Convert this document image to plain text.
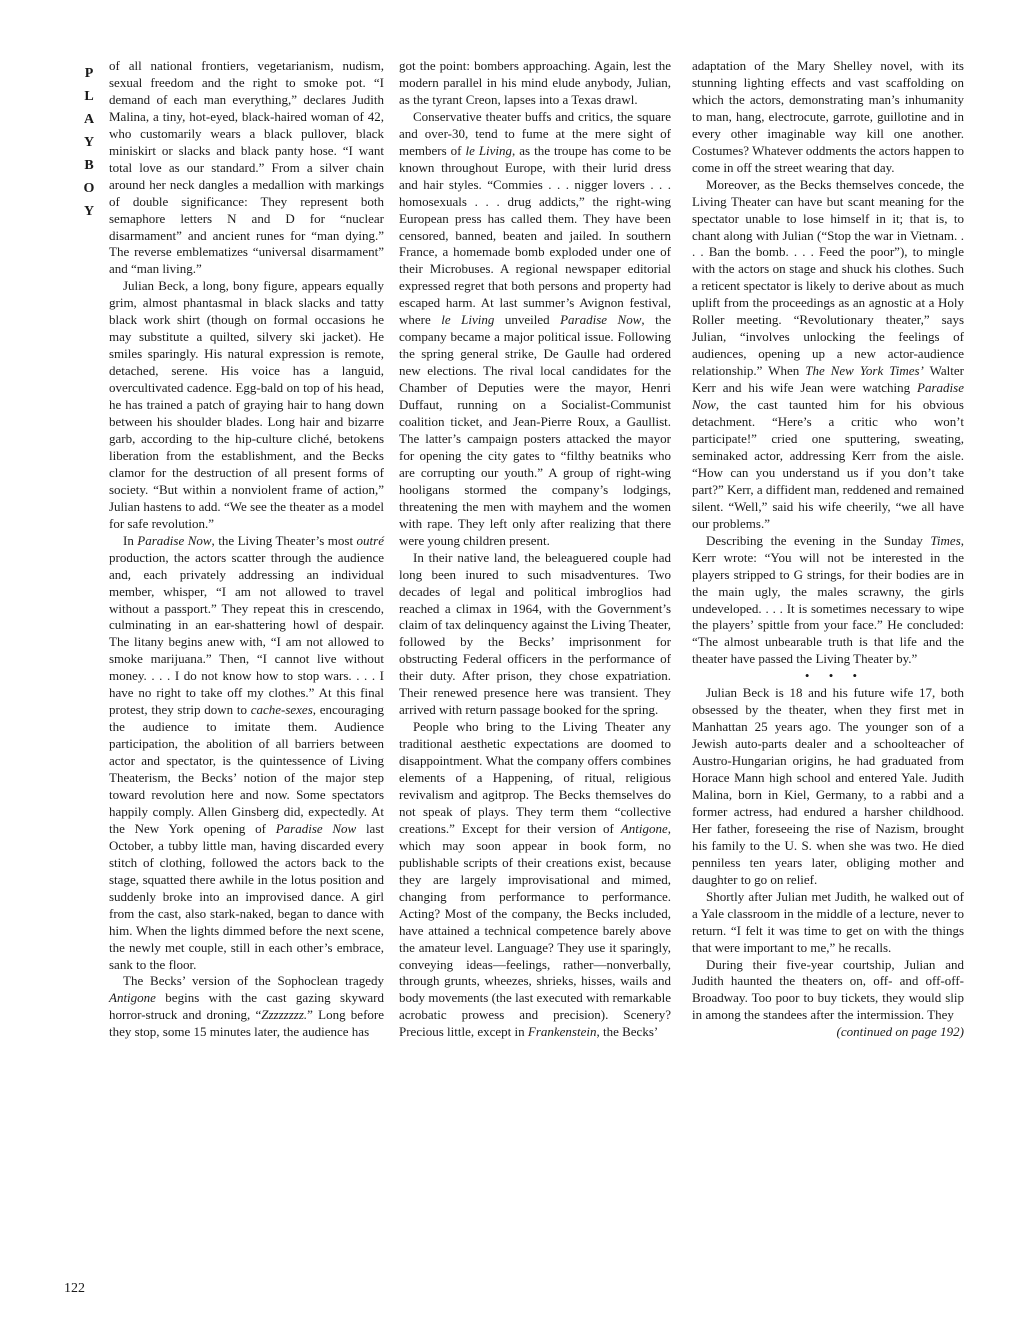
P
L
A
Y
B
O
Y

of all national frontiers, vegetarianism, nudism, sexual freedom and the right to smoke pot. “I demand of each man everything,” declares Judith Malina, a tiny, hot-eyed, black-haired woman of 42, who customarily wears a black pullover, black miniskirt or slacks and black panty hose. “I want total love as our standard.” From a silver chain around her neck dangles a medallion with markings of double significance: They represent both semaphore letters N and D for “nuclear disarmament” and ancient runes for “man dying.” The reverse emblematizes “universal disarmament” and “man living.”

Julian Beck, a long, bony figure, appears equally grim, almost phantasmal in black slacks and tatty black work shirt (though on formal occasions he may substitute a quilted, silvery ski jacket). He smiles sparingly. His natural expression is remote, detached, serene. His voice has a languid, overcultivated cadence. Egg-bald on top of his head, he has trained a patch of graying hair to hang down between his shoulder blades. Long hair and bizarre garb, according to the hip-culture cliché, betokens liberation from the establishment, and the Becks clamor for the destruction of all present forms of society. “But within a nonviolent frame of action,” Julian hastens to add. “We see the theater as a model for safe revolution.”

In Paradise Now, the Living Theater’s most outré production, the actors scatter through the audience and, each privately addressing an individual member, whisper, “I am not allowed to travel without a passport.” They repeat this in crescendo, culminating in an ear-shattering howl of despair. The litany begins anew with, “I am not allowed to smoke marijuana.” Then, “I cannot live without money. . . . I do not know how to stop wars. . . . I have no right to take off my clothes.” At this final protest, they strip down to cache-sexes, encouraging the audience to imitate them. Audience participation, the abolition of all barriers between actor and spectator, is the quintessence of Living Theaterism, the Becks’ notion of the major step toward revolution here and now. Some spectators happily comply. Allen Ginsberg did, expectedly. At the New York opening of Paradise Now last October, a tubby little man, having discarded every stitch of clothing, followed the actors back to the stage, squatted there awhile in the lotus position and suddenly broke into an improvised dance. A girl from the cast, also stark-naked, began to dance with him. When the lights dimmed before the next scene, the newly met couple, still in each other’s embrace, sank to the floor.

The Becks’ version of the Sophoclean tragedy Antigone begins with the cast gazing skyward horror-struck and droning, “Zzzzzzzz.” Long before they stop, some 15 minutes later, the audience has

got the point: bombers approaching. Again, lest the modern parallel in his mind elude anybody, Julian, as the tyrant Creon, lapses into a Texas drawl.

Conservative theater buffs and critics, the square and over-30, tend to fume at the mere sight of members of le Living, as the troupe has come to be known throughout Europe, with their lurid dress and hair styles. “Commies . . . nigger lovers . . . homosexuals . . . drug addicts,” the right-wing European press has called them. They have been censored, banned, beaten and jailed. In southern France, a homemade bomb exploded under one of their Microbuses. A regional newspaper editorial expressed regret that both persons and property had escaped harm. At last summer’s Avignon festival, where le Living unveiled Paradise Now, the company became a major political issue. Following the spring general strike, De Gaulle had ordered new elections. The rival local candidates for the Chamber of Deputies were the mayor, Henri Duffaut, running on a Socialist-Communist coalition ticket, and Jean-Pierre Roux, a Gaullist. The latter’s campaign posters attacked the mayor for opening the city gates to “filthy beatniks who are corrupting our youth.” A group of right-wing hooligans stormed the company’s lodgings, threatening the men with mayhem and the women with rape. They left only after realizing that there were young children present.

In their native land, the beleaguered couple had long been inured to such misadventures. Two decades of legal and political imbroglios had reached a climax in 1964, with the Government’s claim of tax delinquency against the Living Theater, followed by the Becks’ imprisonment for obstructing Federal officers in the performance of their duty. After prison, they chose expatriation. Their renewed presence here was transient. They arrived with return passage booked for the spring.

People who bring to the Living Theater any traditional aesthetic expectations are doomed to disappointment. What the company offers combines elements of a Happening, of ritual, religious revivalism and agitprop. The Becks themselves do not speak of plays. They term them “collective creations.” Except for their version of Antigone, which may soon appear in book form, no publishable scripts of their creations exist, because they are largely improvisational and mimed, changing from performance to performance. Acting? Most of the company, the Becks included, have attained a technical competence barely above the amateur level. Language? They use it sparingly, conveying ideas—feelings, rather—nonverbally, through grunts, wheezes, shrieks, hisses, wails and body movements (the last executed with remarkable acrobatic prowess and precision). Scenery? Precious little, except in Frankenstein, the Becks’

adaptation of the Mary Shelley novel, with its stunning lighting effects and vast scaffolding on which the actors, demonstrating man’s inhumanity to man, hang, electrocute, garrote, guillotine and in every other imaginable way kill one another. Costumes? Whatever oddments the actors happen to come in off the street wearing that day.

Moreover, as the Becks themselves concede, the Living Theater can have but scant meaning for the spectator unable to lose himself in it; that is, to chant along with Julian (“Stop the war in Vietnam. . . . Ban the bomb. . . . Feed the poor”), to mingle with the actors on stage and shuck his clothes. Such a reticent spectator is likely to derive about as much uplift from the proceedings as an agnostic at a Holy Roller meeting. “Revolutionary theater,” says Julian, “involves unlocking the feelings of audiences, opening up a new actor-audience relationship.” When The New York Times’ Walter Kerr and his wife Jean were watching Paradise Now, the cast taunted him for his obvious detachment. “Here’s a critic who won’t participate!” cried one sputtering, sweating, seminaked actor, addressing Kerr from the aisle. “How can you understand us if you don’t take part?” Kerr, a diffident man, reddened and remained silent. “Well,” said his wife cheerily, “we all have our problems.”

Describing the evening in the Sunday Times, Kerr wrote: “You will not be interested in the players stripped to G strings, for their bodies are in the main ugly, the males scrawny, the girls undeveloped. . . . It is sometimes necessary to wipe the players’ spittle from your face.” He concluded: “The almost unbearable truth is that life and the theater have passed the Living Theater by.”

• • •

Julian Beck is 18 and his future wife 17, both obsessed by the theater, when they first met in Manhattan 25 years ago. The younger son of a Jewish auto-parts dealer and a schoolteacher of Austro-Hungarian origins, he had graduated from Horace Mann high school and entered Yale. Judith Malina, born in Kiel, Germany, to a rabbi and a former actress, had endured a harsher childhood. Her father, foreseeing the rise of Nazism, brought his family to the U. S. when she was two. He died penniless ten years later, obliging mother and daughter to go on relief.

Shortly after Julian met Judith, he walked out of a Yale classroom in the middle of a lecture, never to return. “I felt it was time to get on with the things that were important to me,” he recalls.

During their five-year courtship, Julian and Judith haunted the theaters on, off- and off-off-Broadway. Too poor to buy tickets, they would slip in among the standees after the intermission. They

(continued on page 192)

122
